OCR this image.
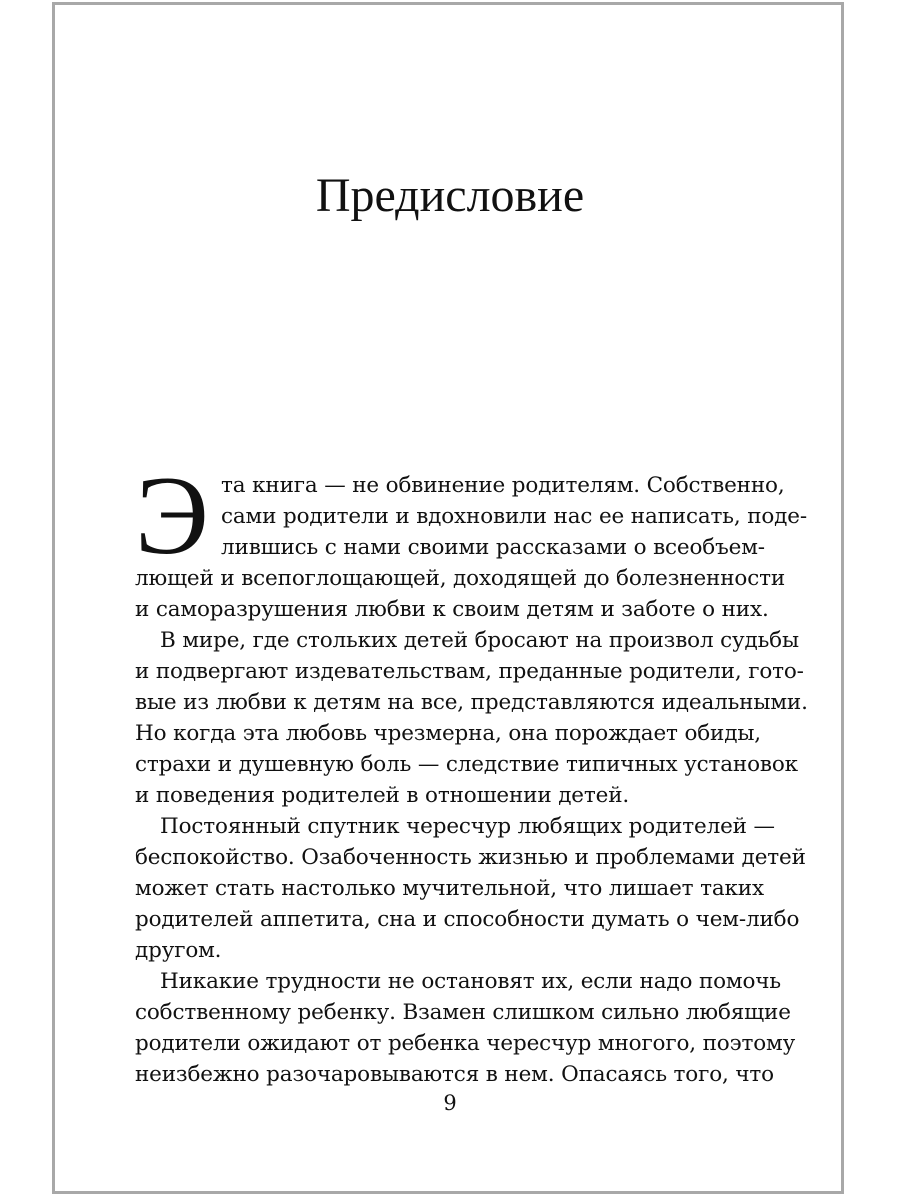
Предисловие
Э та книга — не обвинение родителям. Собственно,
сами родители и вдохновили нас ее написать, поде-
лившись с нами своими рассказами о всеобъем-
лющей и всепоглощающей, доходящей до болезненности
и саморазрушения любви к своим детям и заботе о них.
В мире, где стольких детей бросают на произвол судьбы
и подвергают издевательствам, преданные родители, гото-
вые из любви к детям на все, представляются идеальными.
Но когда эта любовь чрезмерна, она порождает обиды,
страхи и душевную боль — следствие типичных установок
и поведения родителей в отношении детей.
Постоянный спутник чересчур любящих родителей —
беспокойство. Озабоченность жизнью и проблемами детей
может стать настолько мучительной, что лишает таких
родителей аппетита, сна и способности думать о чем-либо
другом.
Никакие трудности не остановят их, если надо помочь
собственному ребенку. Взамен слишком сильно любящие
родители ожидают от ребенка чересчур многого, поэтому
неизбежно разочаровываются в нем. Опасаясь того, что
9
